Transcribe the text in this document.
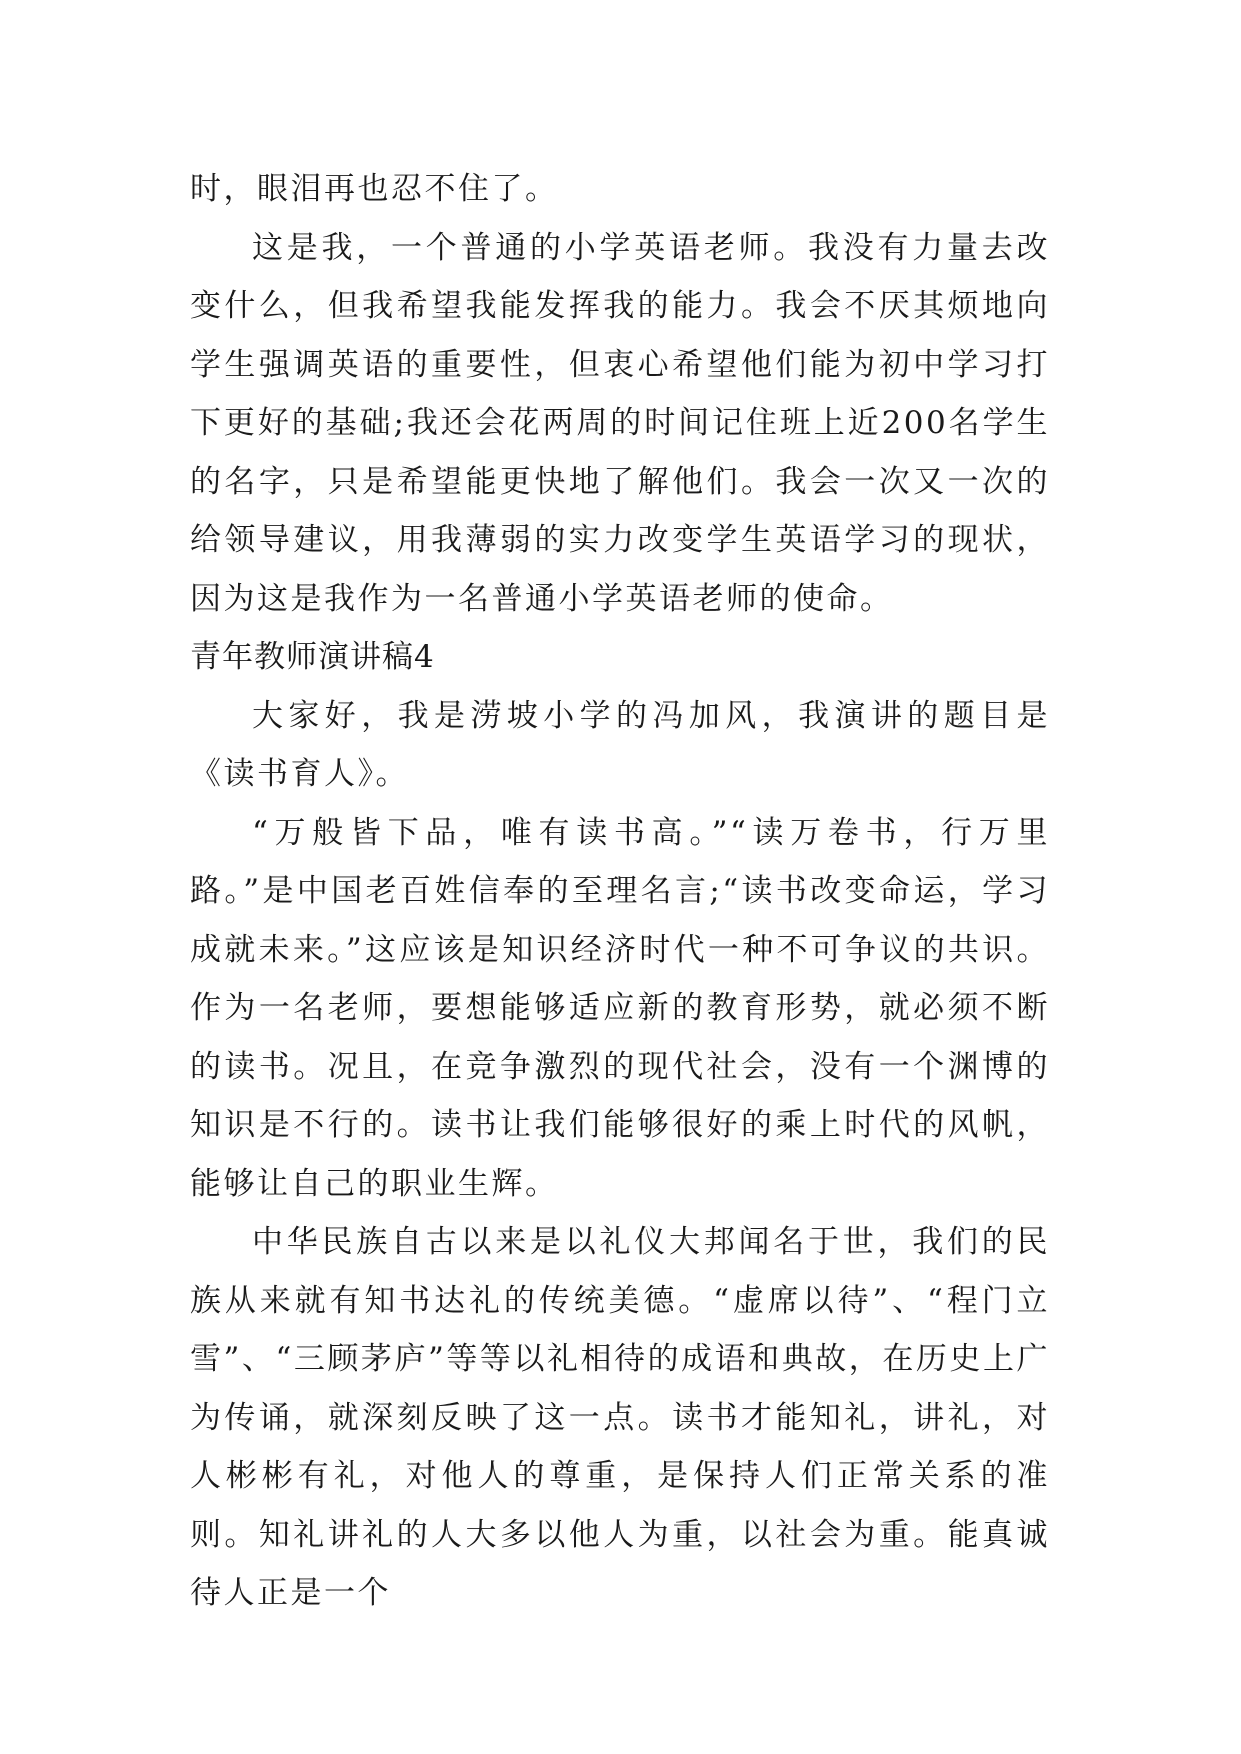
时，眼泪再也忍不住了。

这是我，一个普通的小学英语老师。我没有力量去改变什么，但我希望我能发挥我的能力。我会不厌其烦地向学生强调英语的重要性，但衷心希望他们能为初中学习打下更好的基础;我还会花两周的时间记住班上近200名学生的名字，只是希望能更快地了解他们。我会一次又一次的给领导建议，用我薄弱的实力改变学生英语学习的现状，因为这是我作为一名普通小学英语老师的使命。

青年教师演讲稿4

大家好，我是涝坡小学的冯加风，我演讲的题目是《读书育人》。

“万般皆下品，唯有读书高。”“读万卷书，行万里路。”是中国老百姓信奉的至理名言;“读书改变命运，学习成就未来。”这应该是知识经济时代一种不可争议的共识。作为一名老师，要想能够适应新的教育形势，就必须不断的读书。况且，在竞争激烈的现代社会，没有一个渊博的知识是不行的。读书让我们能够很好的乘上时代的风帆，能够让自己的职业生辉。

中华民族自古以来是以礼仪大邦闻名于世，我们的民族从来就有知书达礼的传统美德。“虚席以待”、“程门立雪”、“三顾茅庐”等等以礼相待的成语和典故，在历史上广为传诵，就深刻反映了这一点。读书才能知礼，讲礼，对人彬彬有礼，对他人的尊重，是保持人们正常关系的准则。知礼讲礼的人大多以他人为重，以社会为重。能真诚待人正是一个
